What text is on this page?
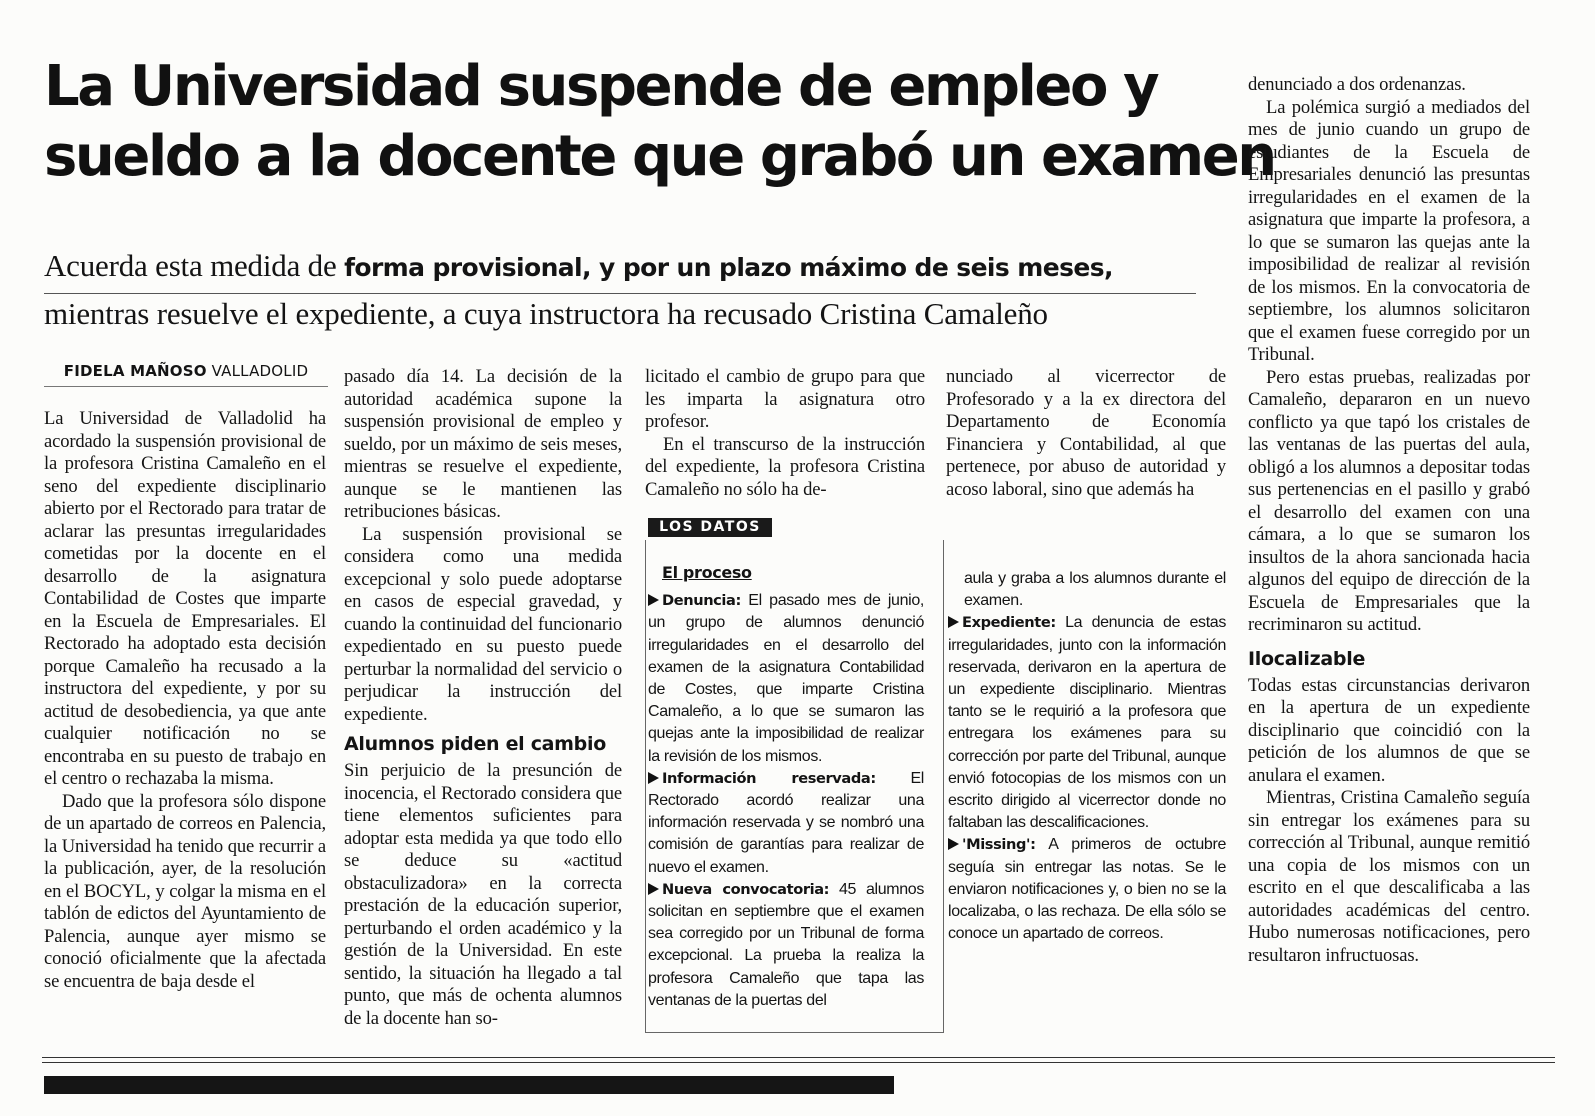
La Universidad suspende de empleo y
sueldo a la docente que grabó un examen
Acuerda esta medida de forma provisional, y por un plazo máximo de seis meses,
mientras resuelve el expediente, a cuya instructora ha recusado Cristina Camaleño
FIDELA MAÑOSO VALLADOLID

La Universidad de Valladolid ha acordado la suspensión provisional de la profesora Cristina Camaleño en el seno del expediente disciplinario abierto por el Rectorado para tratar de aclarar las presuntas irregularidades cometidas por la docente en el desarrollo de la asignatura Contabilidad de Costes que imparte en la Escuela de Empresariales. El Rectorado ha adoptado esta decisión porque Camaleño ha recusado a la instructora del expediente, y por su actitud de desobediencia, ya que ante cualquier notificación no se encontraba en su puesto de trabajo en el centro o rechazaba la misma.

Dado que la profesora sólo dispone de un apartado de correos en Palencia, la Universidad ha tenido que recurrir a la publicación, ayer, de la resolución en el BOCYL, y colgar la misma en el tablón de edictos del Ayuntamiento de Palencia, aunque ayer mismo se conoció oficialmente que la afectada se encuentra de baja desde el

pasado día 14. La decisión de la autoridad académica supone la suspensión provisional de empleo y sueldo, por un máximo de seis meses, mientras se resuelve el expediente, aunque se le mantienen las retribuciones básicas.

La suspensión provisional se considera como una medida excepcional y solo puede adoptarse en casos de especial gravedad, y cuando la continuidad del funcionario expedientado en su puesto puede perturbar la normalidad del servicio o perjudicar la instrucción del expediente.

Alumnos piden el cambio

Sin perjuicio de la presunción de inocencia, el Rectorado considera que tiene elementos suficientes para adoptar esta medida ya que todo ello se deduce su «actitud obstaculizadora» en la correcta prestación de la educación superior, perturbando el orden académico y la gestión de la Universidad. En este sentido, la situación ha llegado a tal punto, que más de ochenta alumnos de la docente han so-

licitado el cambio de grupo para que les imparta la asignatura otro profesor.

En el transcurso de la instrucción del expediente, la profesora Cristina Camaleño no sólo ha de-

nunciado al vicerrector de Profesorado y a la ex directora del Departamento de Economía Financiera y Contabilidad, al que pertenece, por abuso de autoridad y acoso laboral, sino que además ha

LOS DATOS
El proceso

Denuncia: El pasado mes de junio, un grupo de alumnos denunció irregularidades en el desarrollo del examen de la asignatura Contabilidad de Costes, que imparte Cristina Camaleño, a lo que se sumaron las quejas ante la imposibilidad de realizar la revisión de los mismos.

Información reservada: El Rectorado acordó realizar una información reservada y se nombró una comisión de garantías para realizar de nuevo el examen.

Nueva convocatoria: 45 alumnos solicitan en septiembre que el examen sea corregido por un Tribunal de forma excepcional. La prueba la realiza la profesora Camaleño que tapa las ventanas de la puertas del

aula y graba a los alumnos durante el examen.

Expediente: La denuncia de estas irregularidades, junto con la información reservada, derivaron en la apertura de un expediente disciplinario. Mientras tanto se le requirió a la profesora que entregara los exámenes para su corrección por parte del Tribunal, aunque envió fotocopias de los mismos con un escrito dirigido al vicerrector donde no faltaban las descalificaciones.

'Missing': A primeros de octubre seguía sin entregar las notas. Se le enviaron notificaciones y, o bien no se la localizaba, o las rechaza. De ella sólo se conoce un apartado de correos.

denunciado a dos ordenanzas.

La polémica surgió a mediados del mes de junio cuando un grupo de estudiantes de la Escuela de Empresariales denunció las presuntas irregularidades en el examen de la asignatura que imparte la profesora, a lo que se sumaron las quejas ante la imposibilidad de realizar al revisión de los mismos. En la convocatoria de septiembre, los alumnos solicitaron que el examen fuese corregido por un Tribunal.

Pero estas pruebas, realizadas por Camaleño, depararon en un nuevo conflicto ya que tapó los cristales de las ventanas de las puertas del aula, obligó a los alumnos a depositar todas sus pertenencias en el pasillo y grabó el desarrollo del examen con una cámara, a lo que se sumaron los insultos de la ahora sancionada hacia algunos del equipo de dirección de la Escuela de Empresariales que la recriminaron su actitud.

Ilocalizable

Todas estas circunstancias derivaron en la apertura de un expediente disciplinario que coincidió con la petición de los alumnos de que se anulara el examen.

Mientras, Cristina Camaleño seguía sin entregar los exámenes para su corrección al Tribunal, aunque remitió una copia de los mismos con un escrito en el que descalificaba a las autoridades académicas del centro. Hubo numerosas notificaciones, pero resultaron infructuosas.
